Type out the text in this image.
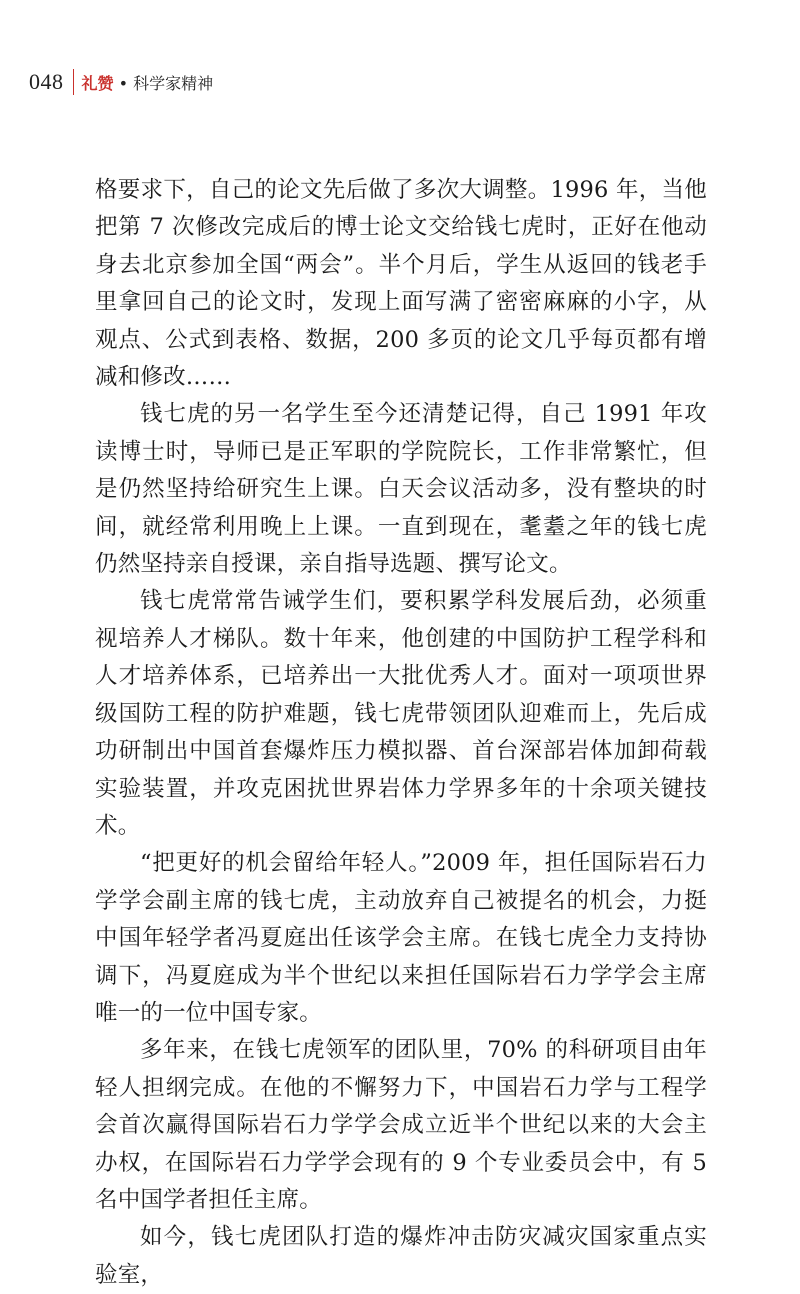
048 礼赞 • 科学家精神

格要求下，自己的论文先后做了多次大调整。1996 年，当他把第 7 次修改完成后的博士论文交给钱七虎时，正好在他动身去北京参加全国“两会”。半个月后，学生从返回的钱老手里拿回自己的论文时，发现上面写满了密密麻麻的小字，从观点、公式到表格、数据，200 多页的论文几乎每页都有增减和修改……

钱七虎的另一名学生至今还清楚记得，自己 1991 年攻读博士时，导师已是正军职的学院院长，工作非常繁忙，但是仍然坚持给研究生上课。白天会议活动多，没有整块的时间，就经常利用晚上上课。一直到现在，耄耋之年的钱七虎仍然坚持亲自授课，亲自指导选题、撰写论文。

钱七虎常常告诫学生们，要积累学科发展后劲，必须重视培养人才梯队。数十年来，他创建的中国防护工程学科和人才培养体系，已培养出一大批优秀人才。面对一项项世界级国防工程的防护难题，钱七虎带领团队迎难而上，先后成功研制出中国首套爆炸压力模拟器、首台深部岩体加卸荷载实验装置，并攻克困扰世界岩体力学界多年的十余项关键技术。

“把更好的机会留给年轻人。”2009 年，担任国际岩石力学学会副主席的钱七虎，主动放弃自己被提名的机会，力挺中国年轻学者冯夏庭出任该学会主席。在钱七虎全力支持协调下，冯夏庭成为半个世纪以来担任国际岩石力学学会主席唯一的一位中国专家。

多年来，在钱七虎领军的团队里，70% 的科研项目由年轻人担纲完成。在他的不懈努力下，中国岩石力学与工程学会首次赢得国际岩石力学学会成立近半个世纪以来的大会主办权，在国际岩石力学学会现有的 9 个专业委员会中，有 5 名中国学者担任主席。

如今，钱七虎团队打造的爆炸冲击防灾减灾国家重点实验室，
